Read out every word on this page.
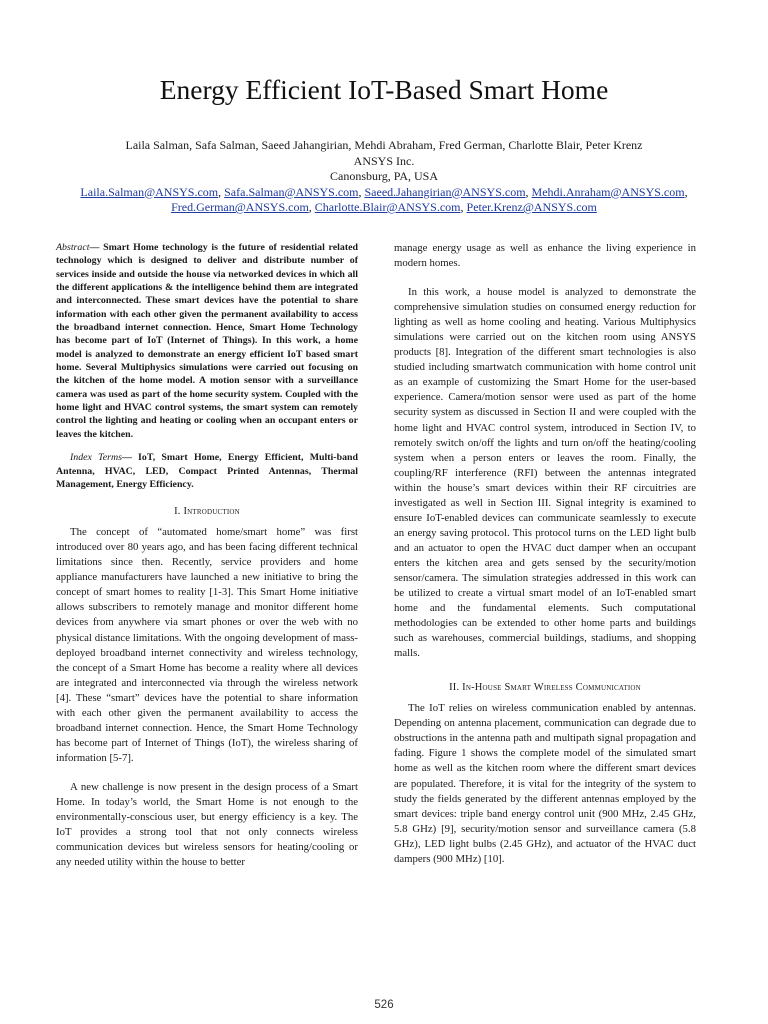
Energy Efficient IoT-Based Smart Home
Laila Salman, Safa Salman, Saeed Jahangirian, Mehdi Abraham, Fred German, Charlotte Blair, Peter Krenz
ANSYS Inc.
Canonsburg, PA, USA
Laila.Salman@ANSYS.com, Safa.Salman@ANSYS.com, Saeed.Jahangirian@ANSYS.com, Mehdi.Anraham@ANSYS.com,
Fred.German@ANSYS.com, Charlotte.Blair@ANSYS.com, Peter.Krenz@ANSYS.com

Abstract— Smart Home technology is the future of residential related technology which is designed to deliver and distribute number of services inside and outside the house via networked devices in which all the different applications & the intelligence behind them are integrated and interconnected. These smart devices have the potential to share information with each other given the permanent availability to access the broadband internet connection. Hence, Smart Home Technology has become part of IoT (Internet of Things). In this work, a home model is analyzed to demonstrate an energy efficient IoT based smart home. Several Multiphysics simulations were carried out focusing on the kitchen of the home model. A motion sensor with a surveillance camera was used as part of the home security system. Coupled with the home light and HVAC control systems, the smart system can remotely control the lighting and heating or cooling when an occupant enters or leaves the kitchen.

Index Terms— IoT, Smart Home, Energy Efficient, Multi-band Antenna, HVAC, LED, Compact Printed Antennas, Thermal Management, Energy Efficiency.

I. Introduction

The concept of “automated home/smart home” was first introduced over 80 years ago, and has been facing different technical limitations since then. Recently, service providers and home appliance manufacturers have launched a new initiative to bring the concept of smart homes to reality [1-3]. This Smart Home initiative allows subscribers to remotely manage and monitor different home devices from anywhere via smart phones or over the web with no physical distance limitations. With the ongoing development of mass-deployed broadband internet connectivity and wireless technology, the concept of a Smart Home has become a reality where all devices are integrated and interconnected via through the wireless network [4]. These “smart” devices have the potential to share information with each other given the permanent availability to access the broadband internet connection. Hence, the Smart Home Technology has become part of Internet of Things (IoT), the wireless sharing of information [5-7].

A new challenge is now present in the design process of a Smart Home. In today’s world, the Smart Home is not enough to the environmentally-conscious user, but energy efficiency is a key. The IoT provides a strong tool that not only connects wireless communication devices but wireless sensors for heating/cooling or any needed utility within the house to better

manage energy usage as well as enhance the living experience in modern homes.

In this work, a house model is analyzed to demonstrate the comprehensive simulation studies on consumed energy reduction for lighting as well as home cooling and heating. Various Multiphysics simulations were carried out on the kitchen room using ANSYS products [8]. Integration of the different smart technologies is also studied including smartwatch communication with home control unit as an example of customizing the Smart Home for the user-based experience. Camera/motion sensor were used as part of the home security system as discussed in Section II and were coupled with the home light and HVAC control system, introduced in Section IV, to remotely switch on/off the lights and turn on/off the heating/cooling system when a person enters or leaves the room. Finally, the coupling/RF interference (RFI) between the antennas integrated within the house’s smart devices within their RF circuitries are investigated as well in Section III. Signal integrity is examined to ensure IoT-enabled devices can communicate seamlessly to execute an energy saving protocol. This protocol turns on the LED light bulb and an actuator to open the HVAC duct damper when an occupant enters the kitchen area and gets sensed by the security/motion sensor/camera. The simulation strategies addressed in this work can be utilized to create a virtual smart model of an IoT-enabled smart home and the fundamental elements. Such computational methodologies can be extended to other home parts and buildings such as warehouses, commercial buildings, stadiums, and shopping malls.

II. In-House Smart Wireless Communication

The IoT relies on wireless communication enabled by antennas. Depending on antenna placement, communication can degrade due to obstructions in the antenna path and multipath signal propagation and fading. Figure 1 shows the complete model of the simulated smart home as well as the kitchen room where the different smart devices are populated. Therefore, it is vital for the integrity of the system to study the fields generated by the different antennas employed by the smart devices: triple band energy control unit (900 MHz, 2.45 GHz, 5.8 GHz) [9], security/motion sensor and surveillance camera (5.8 GHz), LED light bulbs (2.45 GHz), and actuator of the HVAC duct dampers (900 MHz) [10].

526
